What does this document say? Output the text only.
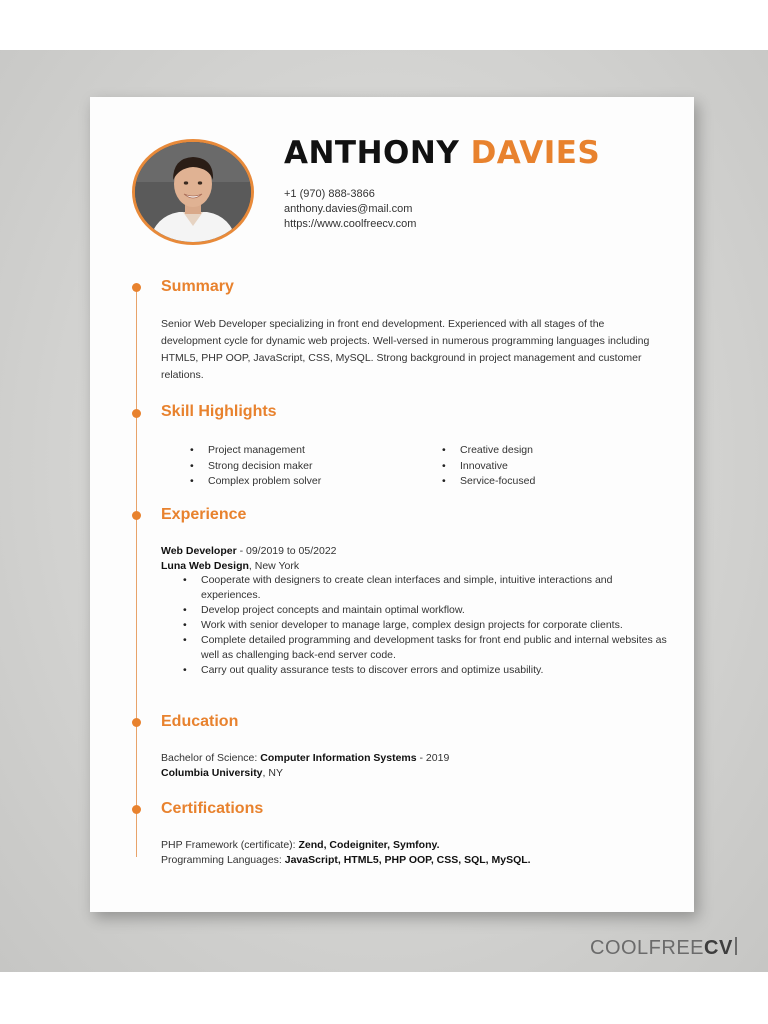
ANTHONY DAVIES
+1 (970) 888-3866
anthony.davies@mail.com
https://www.coolfreecv.com
Summary
Senior Web Developer specializing in front end development. Experienced with all stages of the development cycle for dynamic web projects. Well-versed in numerous programming languages including HTML5, PHP OOP, JavaScript, CSS, MySQL. Strong background in project management and customer relations.
Skill Highlights
• Project management
• Strong decision maker
• Complex problem solver
• Creative design
• Innovative
• Service-focused
Experience
Web Developer - 09/2019 to 05/2022
Luna Web Design, New York
• Cooperate with designers to create clean interfaces and simple, intuitive interactions and experiences.
• Develop project concepts and maintain optimal workflow.
• Work with senior developer to manage large, complex design projects for corporate clients.
• Complete detailed programming and development tasks for front end public and internal websites as well as challenging back-end server code.
• Carry out quality assurance tests to discover errors and optimize usability.
Education
Bachelor of Science: Computer Information Systems - 2019
Columbia University, NY
Certifications
PHP Framework (certificate): Zend, Codeigniter, Symfony.
Programming Languages: JavaScript, HTML5, PHP OOP, CSS, SQL, MySQL.
COOLFREECV
